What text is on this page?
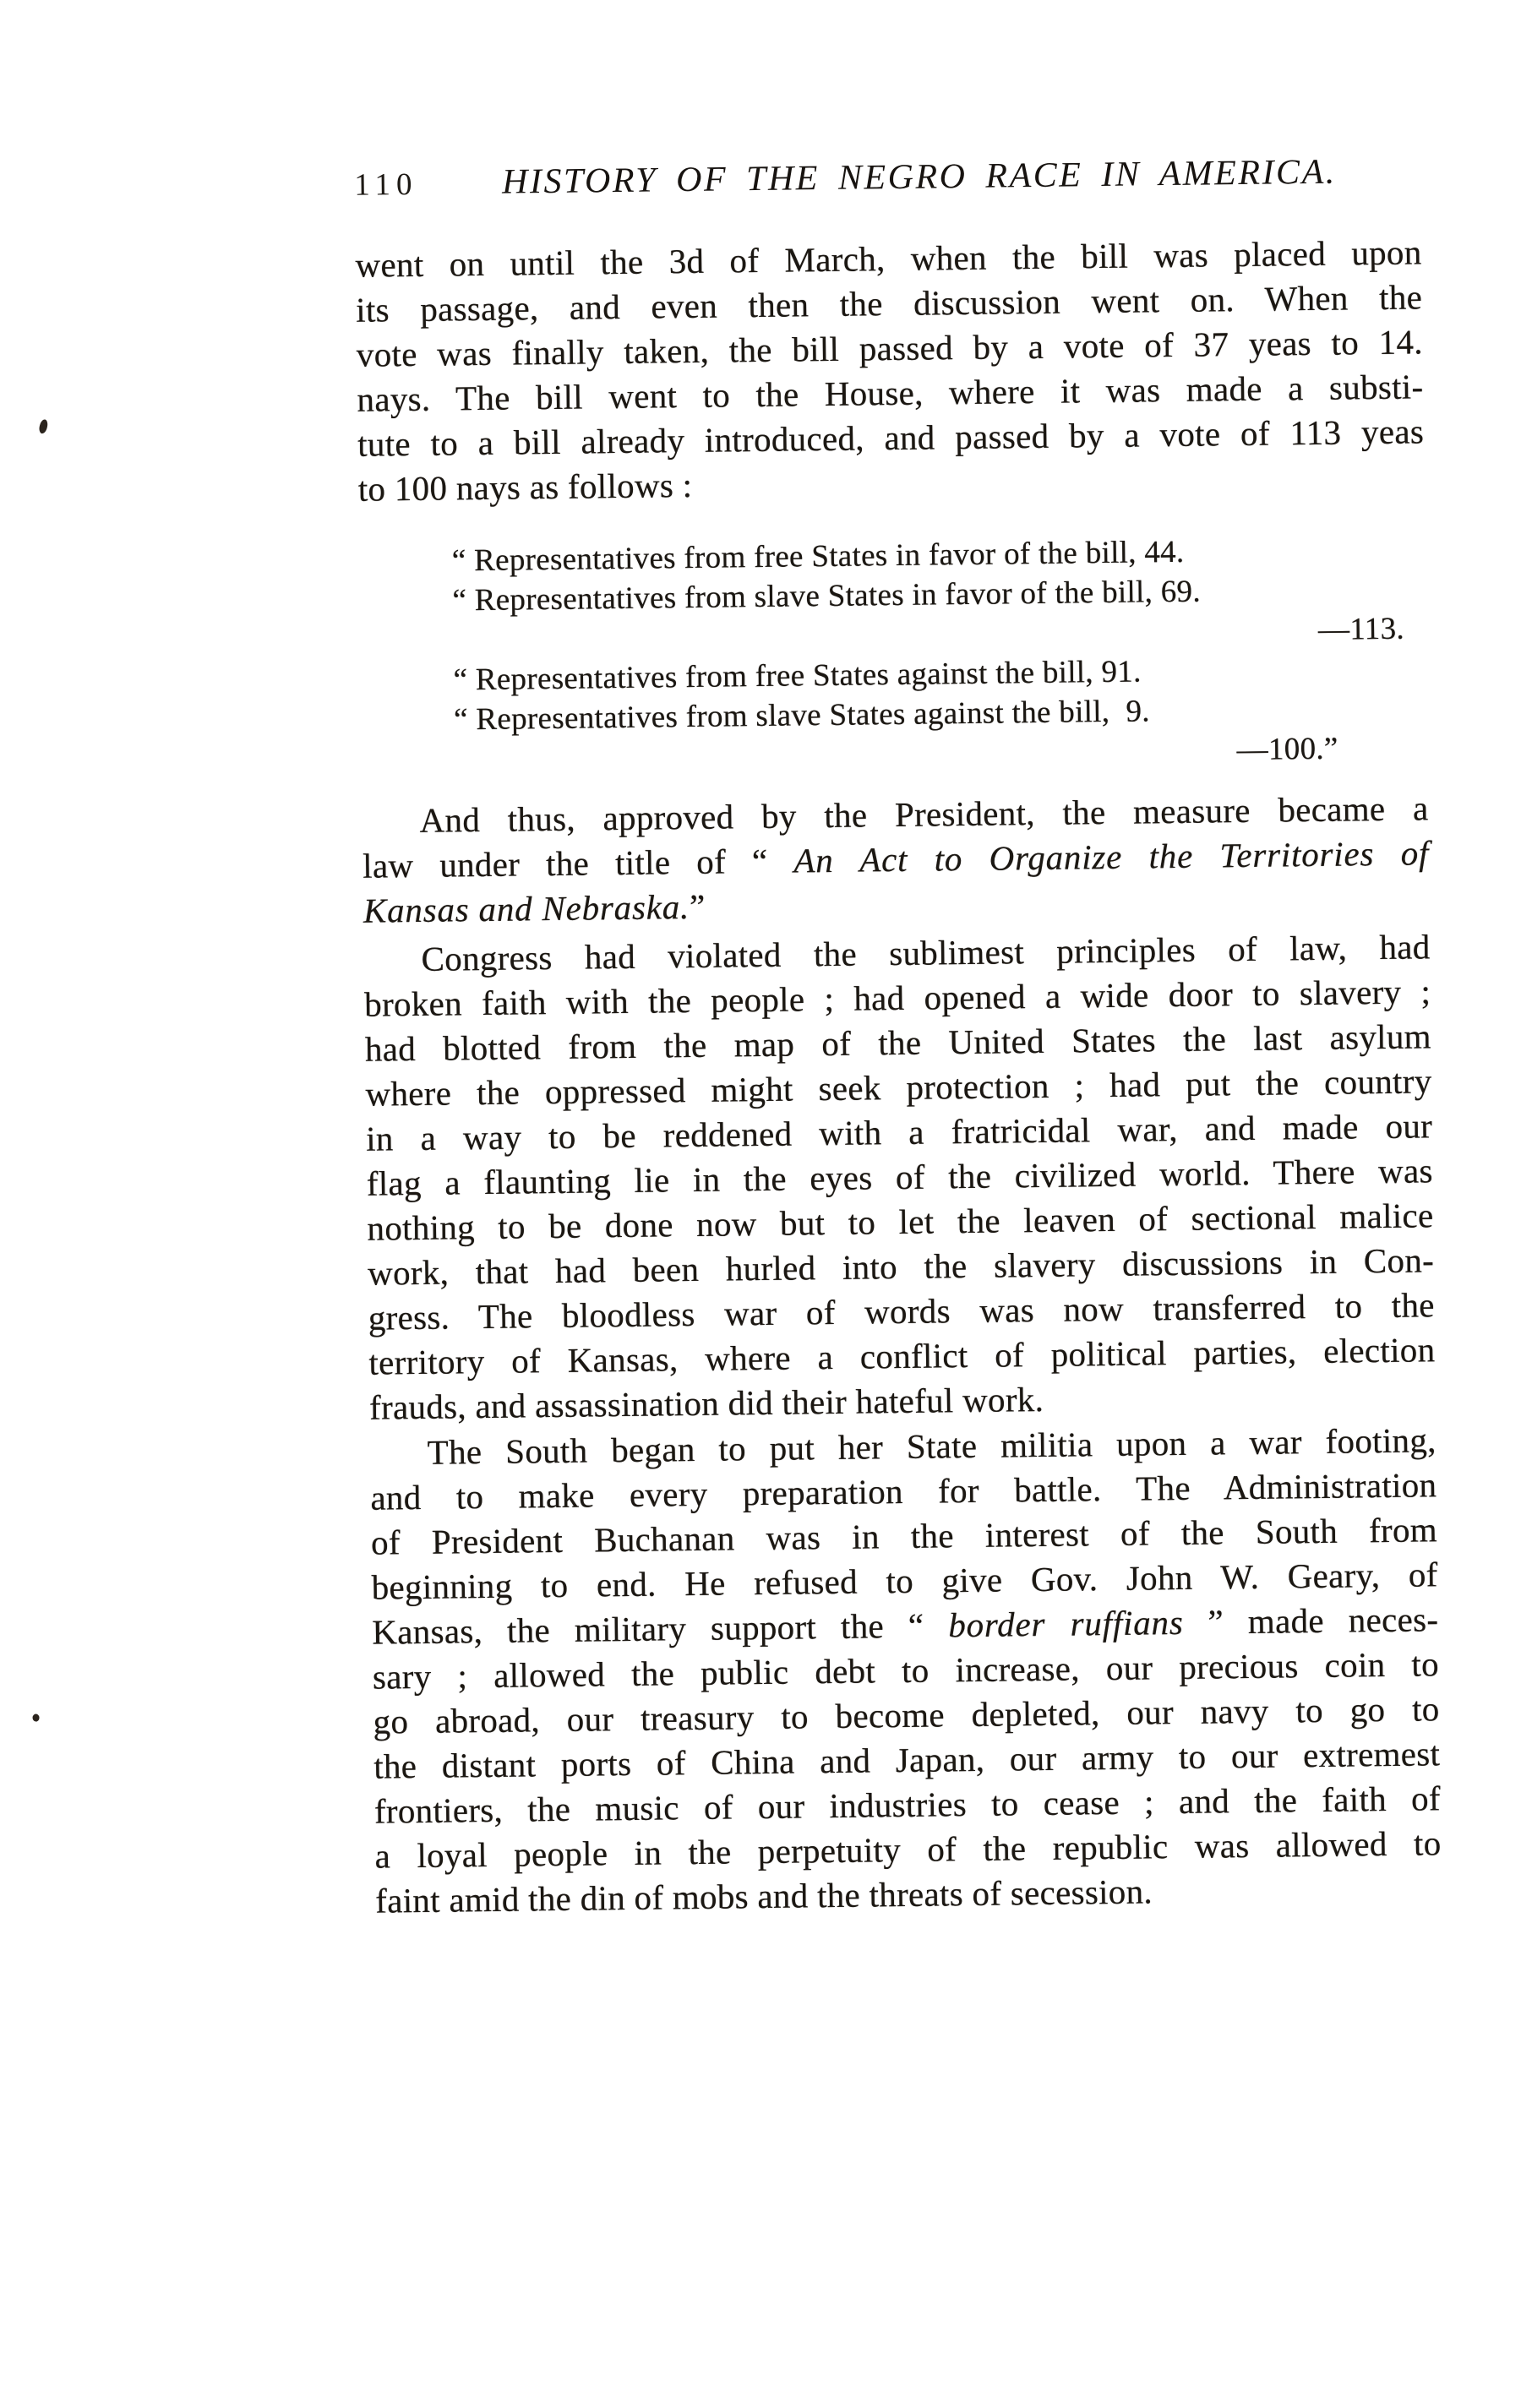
110	HISTORY OF THE NEGRO RACE IN AMERICA.
went on until the 3d of March, when the bill was placed upon
its passage, and even then the discussion went on. When the
vote was finally taken, the bill passed by a vote of 37 yeas to 14.
nays. The bill went to the House, where it was made a substi-
tute to a bill already introduced, and passed by a vote of 113 yeas
to 100 nays as follows :
“ Representatives from free States in favor of the bill, 44.
“ Representatives from slave States in favor of the bill, 69.
—113.
“ Representatives from free States against the bill, 91.
“ Representatives from slave States against the bill,  9.
—100.”
And thus, approved by the President, the measure became a
law under the title of “ An Act to Organize the Territories of
Kansas and Nebraska.”
Congress had violated the sublimest principles of law, had
broken faith with the people ; had opened a wide door to slavery ;
had blotted from the map of the United States the last asylum
where the oppressed might seek protection ; had put the country
in a way to be reddened with a fratricidal war, and made our
flag a flaunting lie in the eyes of the civilized world. There was
nothing to be done now but to let the leaven of sectional malice
work, that had been hurled into the slavery discussions in Con-
gress. The bloodless war of words was now transferred to the
territory of Kansas, where a conflict of political parties, election
frauds, and assassination did their hateful work.
The South began to put her State militia upon a war footing,
and to make every preparation for battle. The Administration
of President Buchanan was in the interest of the South from
beginning to end. He refused to give Gov. John W. Geary, of
Kansas, the military support the “ border ruffians ” made neces-
sary ; allowed the public debt to increase, our precious coin to
go abroad, our treasury to become depleted, our navy to go to
the distant ports of China and Japan, our army to our extremest
frontiers, the music of our industries to cease ; and the faith of
a loyal people in the perpetuity of the republic was allowed to
faint amid the din of mobs and the threats of secession.
